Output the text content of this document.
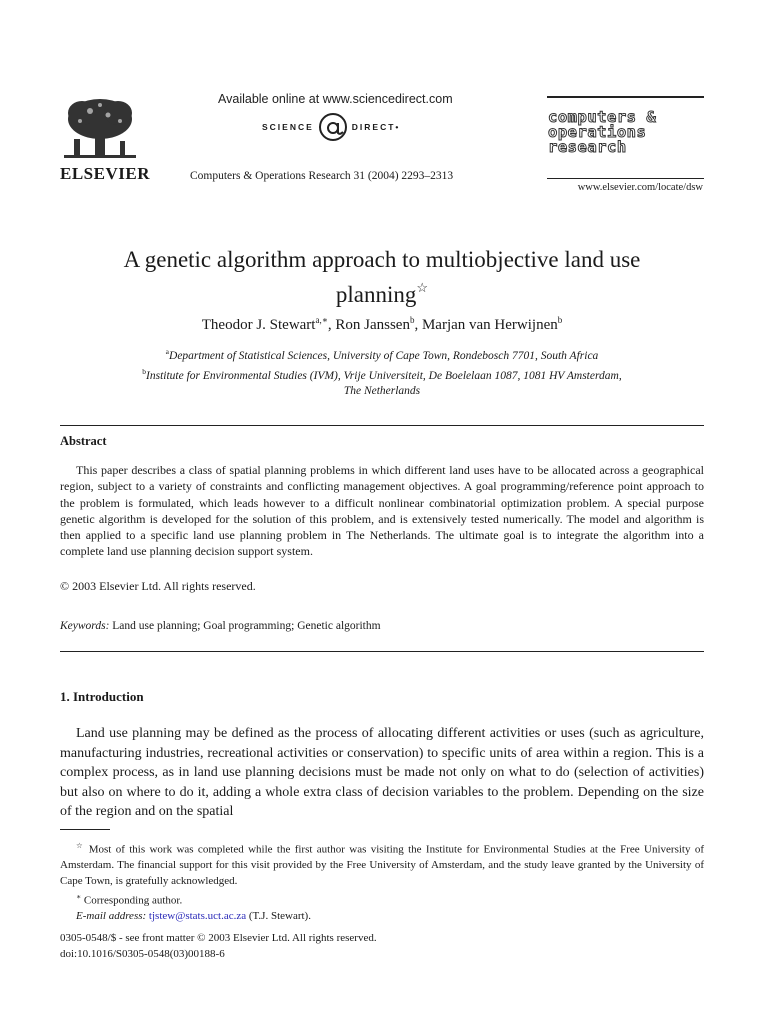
ELSEVIER
Available online at www.sciencedirect.com
SCIENCE	DIRECT•
Computers & Operations Research 31 (2004) 2293–2313
computers &
operations
research
www.elsevier.com/locate/dsw
A genetic algorithm approach to multiobjective land use
planning☆
Theodor J. Stewart$^{a,∗}$, Ron Janssen$^b$, Marjan van Herwijnen$^b$
$^a$Department of Statistical Sciences, University of Cape Town, Rondebosch 7701, South Africa
$^b$Institute for Environmental Studies (IVM), Vrije Universiteit, De Boelelaan 1087, 1081 HV Amsterdam,
The Netherlands
Abstract

This paper describes a class of spatial planning problems in which different land uses have to be allocated across a geographical region, subject to a variety of constraints and conflicting management objectives. A goal programming/reference point approach to the problem is formulated, which leads however to a difficult nonlinear combinatorial optimization problem. A special purpose genetic algorithm is developed for the solution of this problem, and is extensively tested numerically. The model and algorithm is then applied to a specific land use planning problem in The Netherlands. The ultimate goal is to integrate the algorithm into a complete land use planning decision support system.

© 2003 Elsevier Ltd. All rights reserved.
Keywords: Land use planning; Goal programming; Genetic algorithm
1. Introduction

Land use planning may be defined as the process of allocating different activities or uses (such as agriculture, manufacturing industries, recreational activities or conservation) to specific units of area within a region. This is a complex process, as in land use planning decisions must be made not only on what to do (selection of activities) but also on where to do it, adding a whole extra class of decision variables to the problem. Depending on the size of the region and on the spatial

☆ Most of this work was completed while the first author was visiting the Institute for Environmental Studies at the Free University of Amsterdam. The financial support for this visit provided by the Free University of Amsterdam, and the study leave granted by the University of Cape Town, is gratefully acknowledged.

∗ Corresponding author.

E-mail address: tjstew@stats.uct.ac.za (T.J. Stewart).

0305-0548/$ - see front matter © 2003 Elsevier Ltd. All rights reserved.
doi:10.1016/S0305-0548(03)00188-6
